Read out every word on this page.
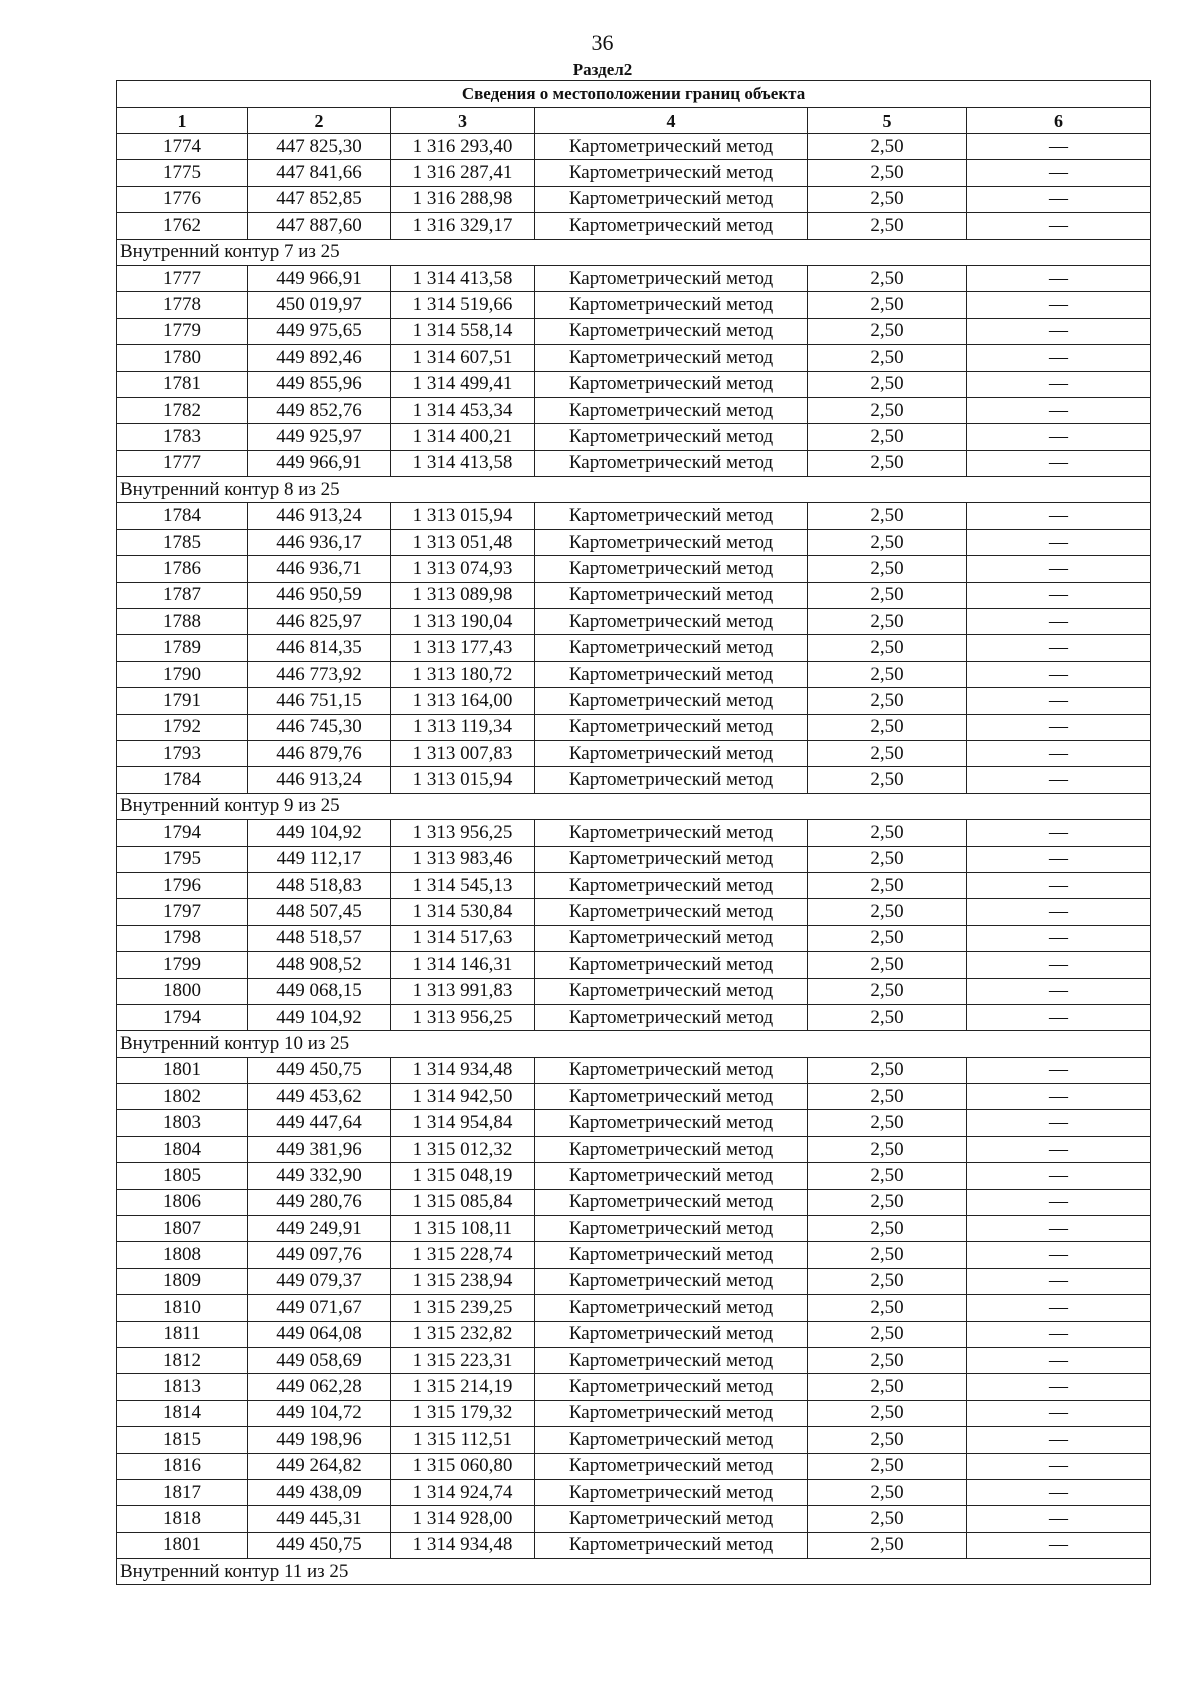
36
Раздел2
Сведения о местоположении границ объекта					
1	2	3	4	5	6
1774	447 825,30	1 316 293,40	Картометрический метод	2,50	—
1775	447 841,66	1 316 287,41	Картометрический метод	2,50	—
1776	447 852,85	1 316 288,98	Картометрический метод	2,50	—
1762	447 887,60	1 316 329,17	Картометрический метод	2,50	—
Внутренний контур 7 из 25					
1777	449 966,91	1 314 413,58	Картометрический метод	2,50	—
1778	450 019,97	1 314 519,66	Картометрический метод	2,50	—
1779	449 975,65	1 314 558,14	Картометрический метод	2,50	—
1780	449 892,46	1 314 607,51	Картометрический метод	2,50	—
1781	449 855,96	1 314 499,41	Картометрический метод	2,50	—
1782	449 852,76	1 314 453,34	Картометрический метод	2,50	—
1783	449 925,97	1 314 400,21	Картометрический метод	2,50	—
1777	449 966,91	1 314 413,58	Картометрический метод	2,50	—
Внутренний контур 8 из 25					
1784	446 913,24	1 313 015,94	Картометрический метод	2,50	—
1785	446 936,17	1 313 051,48	Картометрический метод	2,50	—
1786	446 936,71	1 313 074,93	Картометрический метод	2,50	—
1787	446 950,59	1 313 089,98	Картометрический метод	2,50	—
1788	446 825,97	1 313 190,04	Картометрический метод	2,50	—
1789	446 814,35	1 313 177,43	Картометрический метод	2,50	—
1790	446 773,92	1 313 180,72	Картометрический метод	2,50	—
1791	446 751,15	1 313 164,00	Картометрический метод	2,50	—
1792	446 745,30	1 313 119,34	Картометрический метод	2,50	—
1793	446 879,76	1 313 007,83	Картометрический метод	2,50	—
1784	446 913,24	1 313 015,94	Картометрический метод	2,50	—
Внутренний контур 9 из 25					
1794	449 104,92	1 313 956,25	Картометрический метод	2,50	—
1795	449 112,17	1 313 983,46	Картометрический метод	2,50	—
1796	448 518,83	1 314 545,13	Картометрический метод	2,50	—
1797	448 507,45	1 314 530,84	Картометрический метод	2,50	—
1798	448 518,57	1 314 517,63	Картометрический метод	2,50	—
1799	448 908,52	1 314 146,31	Картометрический метод	2,50	—
1800	449 068,15	1 313 991,83	Картометрический метод	2,50	—
1794	449 104,92	1 313 956,25	Картометрический метод	2,50	—
Внутренний контур 10 из 25					
1801	449 450,75	1 314 934,48	Картометрический метод	2,50	—
1802	449 453,62	1 314 942,50	Картометрический метод	2,50	—
1803	449 447,64	1 314 954,84	Картометрический метод	2,50	—
1804	449 381,96	1 315 012,32	Картометрический метод	2,50	—
1805	449 332,90	1 315 048,19	Картометрический метод	2,50	—
1806	449 280,76	1 315 085,84	Картометрический метод	2,50	—
1807	449 249,91	1 315 108,11	Картометрический метод	2,50	—
1808	449 097,76	1 315 228,74	Картометрический метод	2,50	—
1809	449 079,37	1 315 238,94	Картометрический метод	2,50	—
1810	449 071,67	1 315 239,25	Картометрический метод	2,50	—
1811	449 064,08	1 315 232,82	Картометрический метод	2,50	—
1812	449 058,69	1 315 223,31	Картометрический метод	2,50	—
1813	449 062,28	1 315 214,19	Картометрический метод	2,50	—
1814	449 104,72	1 315 179,32	Картометрический метод	2,50	—
1815	449 198,96	1 315 112,51	Картометрический метод	2,50	—
1816	449 264,82	1 315 060,80	Картометрический метод	2,50	—
1817	449 438,09	1 314 924,74	Картометрический метод	2,50	—
1818	449 445,31	1 314 928,00	Картометрический метод	2,50	—
1801	449 450,75	1 314 934,48	Картометрический метод	2,50	—
Внутренний контур 11 из 25					
